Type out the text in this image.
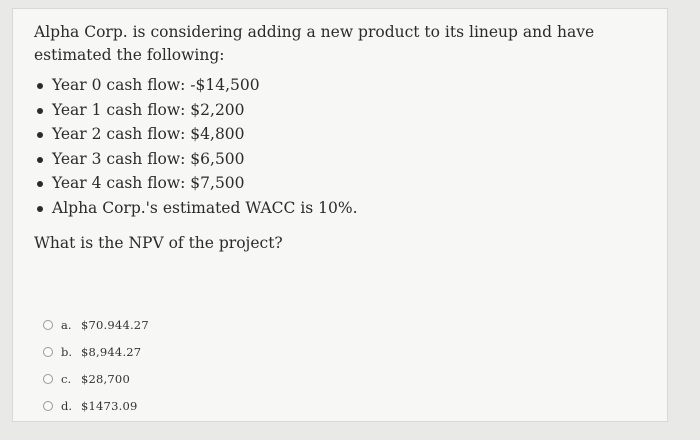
Alpha Corp. is considering adding a new product to its lineup and have estimated the following:

Year 0 cash flow: -$14,500
Year 1 cash flow: $2,200
Year 2 cash flow: $4,800
Year 3 cash flow: $6,500
Year 4 cash flow: $7,500
Alpha Corp.'s estimated WACC is 10%.

What is the NPV of the project?

a. $70.944.27
b. $8,944.27
c. $28,700
d. $1473.09
